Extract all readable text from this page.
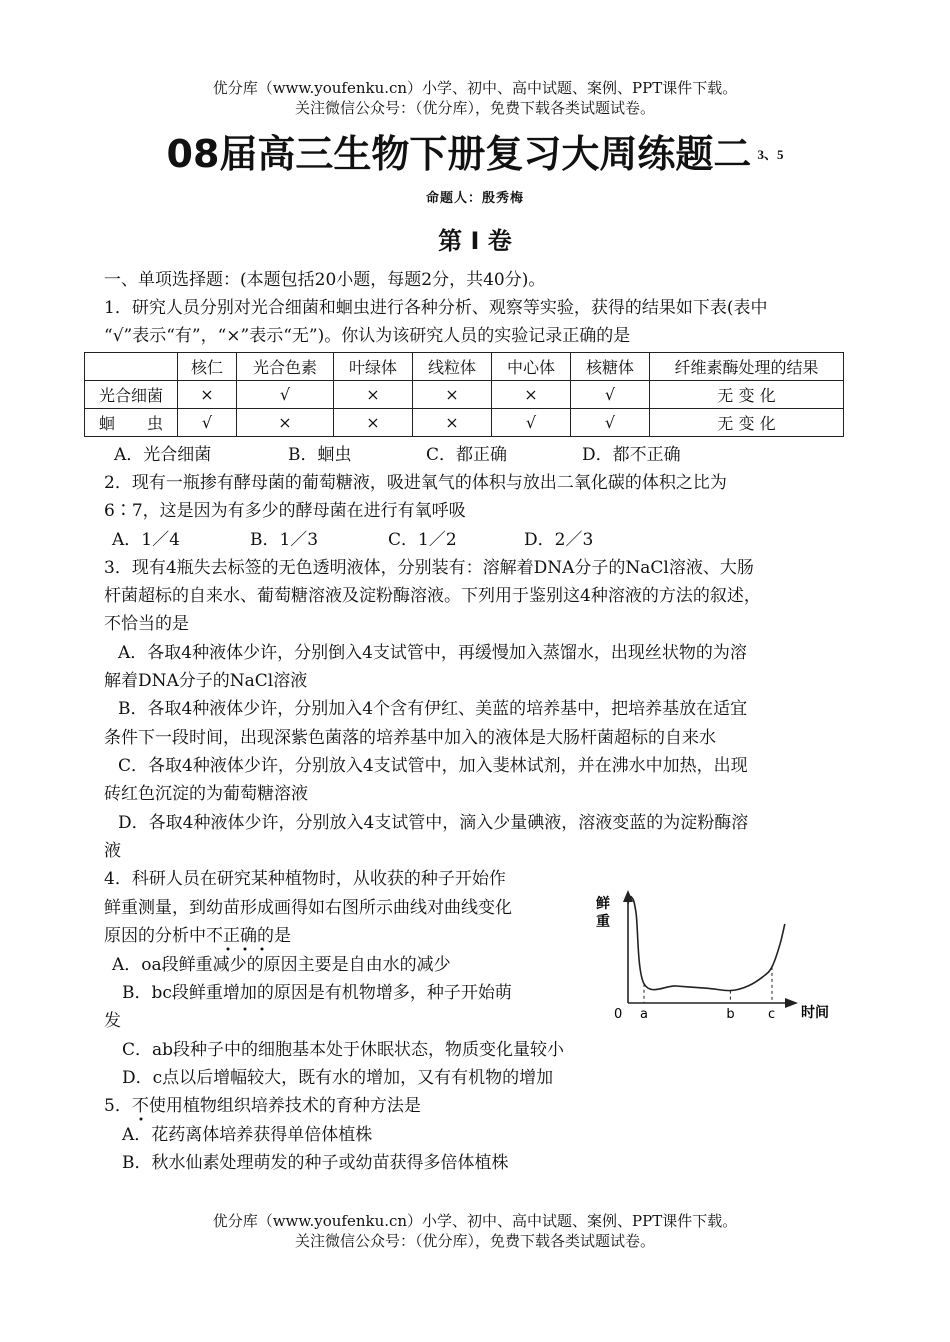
优分库（www.youfenku.cn）小学、初中、高中试题、案例、PPT课件下载。
关注微信公众号：（优分库），免费下载各类试题试卷。
08届高三生物下册复习大周练题二 $^{3、5}$
命题人：殷秀梅
第 I 卷
一、单项选择题：(本题包括20小题，每题2分，共40分)。
1．研究人员分别对光合细菌和蛔虫进行各种分析、观察等实验，获得的结果如下表(表中
“√”表示“有”，“×”表示“无”)。你认为该研究人员的实验记录正确的是
	核仁	光合色素	叶绿体	线粒体	中心体	核糖体	纤维素酶处理的结果
光合细菌	×	√	×	×	×	√	无 变 化
蛔　　虫	√	×	×	×	√	√	无 变 化
A．光合细菌	B．蛔虫	C．都正确	D．都不正确
2．现有一瓶掺有酵母菌的葡萄糖液，吸进氧气的体积与放出二氧化碳的体积之比为
6∶7，这是因为有多少的酵母菌在进行有氧呼吸
A．1／4	B．1／3	C．1／2	D．2／3
3．现有4瓶失去标签的无色透明液体，分别装有：溶解着DNA分子的NaCl溶液、大肠
杆菌超标的自来水、葡萄糖溶液及淀粉酶溶液。下列用于鉴别这4种溶液的方法的叙述，
不恰当的是
A．各取4种液体少许，分别倒入4支试管中，再缓慢加入蒸馏水，出现丝状物的为溶
解着DNA分子的NaCl溶液
B．各取4种液体少许，分别加入4个含有伊红、美蓝的培养基中，把培养基放在适宜
条件下一段时间，出现深紫色菌落的培养基中加入的液体是大肠杆菌超标的自来水
C．各取4种液体少许，分别放入4支试管中，加入斐林试剂，并在沸水中加热，出现
砖红色沉淀的为葡萄糖溶液
D．各取4种液体少许，分别放入4支试管中，滴入少量碘液，溶液变蓝的为淀粉酶溶
液
4．科研人员在研究某种植物时，从收获的种子开始作
鲜重测量，到幼苗形成画得如右图所示曲线对曲线变化
原因的分析中不正确的是
A．oa段鲜重减少的原因主要是自由水的减少
B．bc段鲜重增加的原因是有机物增多，种子开始萌
发
C．ab段种子中的细胞基本处于休眠状态，物质变化量较小
D．c点以后增幅较大，既有水的增加，又有有机物的增加
5．不使用植物组织培养技术的育种方法是
A．花药离体培养获得单倍体植株
B．秋水仙素处理萌发的种子或幼苗获得多倍体植株
鲜
重
时间
0 a	b	c
优分库（www.youfenku.cn）小学、初中、高中试题、案例、PPT课件下载。
关注微信公众号：（优分库），免费下载各类试题试卷。
